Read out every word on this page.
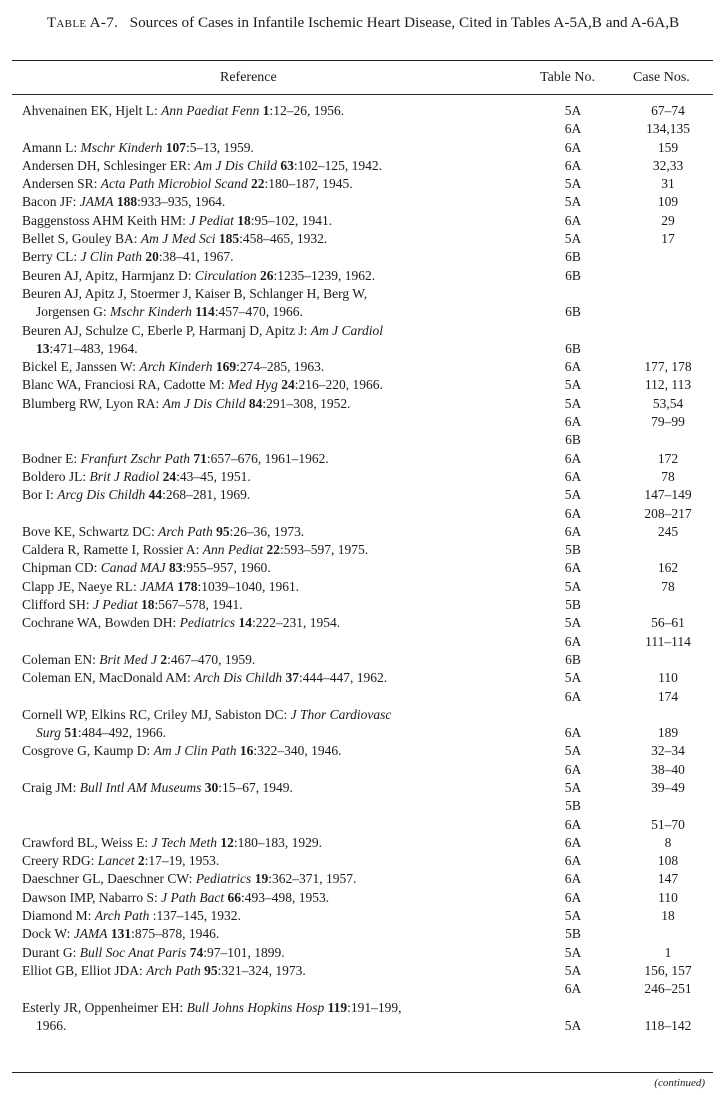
Table A-7. Sources of Cases in Infantile Ischemic Heart Disease, Cited in Tables A-5A,B and A-6A,B
Reference	Table No.	Case Nos.
Ahvenainen EK, Hjelt L: Ann Paediat Fenn 1:12–26, 1956.	5A	67–74
6A	134,135
Amann L: Mschr Kinderh 107:5–13, 1959.	6A	159
Andersen DH, Schlesinger ER: Am J Dis Child 63:102–125, 1942.	6A	32,33
Andersen SR: Acta Path Microbiol Scand 22:180–187, 1945.	5A	31
Bacon JF: JAMA 188:933–935, 1964.	5A	109
Baggenstoss AHM Keith HM: J Pediat 18:95–102, 1941.	6A	29
Bellet S, Gouley BA: Am J Med Sci 185:458–465, 1932.	5A	17
Berry CL: J Clin Path 20:38–41, 1967.	6B
Beuren AJ, Apitz, Harmjanz D: Circulation 26:1235–1239, 1962.	6B
Beuren AJ, Apitz J, Stoermer J, Kaiser B, Schlanger H, Berg W,

Jorgensen G: Mschr Kinderh 114:457–470, 1966.	6B
Beuren AJ, Schulze C, Eberle P, Harmanj D, Apitz J: Am J Cardiol

13:471–483, 1964.	6B
Bickel E, Janssen W: Arch Kinderh 169:274–285, 1963.	6A	177, 178
Blanc WA, Franciosi RA, Cadotte M: Med Hyg 24:216–220, 1966.	5A	112, 113
Blumberg RW, Lyon RA: Am J Dis Child 84:291–308, 1952.	5A	53,54
6A	79–99
6B
Bodner E: Franfurt Zschr Path 71:657–676, 1961–1962.	6A	172
Boldero JL: Brit J Radiol 24:43–45, 1951.	6A	78
Bor I: Arcg Dis Childh 44:268–281, 1969.	5A	147–149
6A	208–217
Bove KE, Schwartz DC: Arch Path 95:26–36, 1973.	6A	245
Caldera R, Ramette I, Rossier A: Ann Pediat 22:593–597, 1975.	5B
Chipman CD: Canad MAJ 83:955–957, 1960.	6A	162
Clapp JE, Naeye RL: JAMA 178:1039–1040, 1961.	5A	78
Clifford SH: J Pediat 18:567–578, 1941.	5B
Cochrane WA, Bowden DH: Pediatrics 14:222–231, 1954.	5A	56–61
6A	111–114
Coleman EN: Brit Med J 2:467–470, 1959.	6B
Coleman EN, MacDonald AM: Arch Dis Childh 37:444–447, 1962.	5A	110
6A	174
Cornell WP, Elkins RC, Criley MJ, Sabiston DC: J Thor Cardiovasc

Surg 51:484–492, 1966.	6A	189
Cosgrove G, Kaump D: Am J Clin Path 16:322–340, 1946.	5A	32–34
6A	38–40
Craig JM: Bull Intl AM Museums 30:15–67, 1949.	5A	39–49
5B
6A	51–70
Crawford BL, Weiss E: J Tech Meth 12:180–183, 1929.	6A	8
Creery RDG: Lancet 2:17–19, 1953.	6A	108
Daeschner GL, Daeschner CW: Pediatrics 19:362–371, 1957.	6A	147
Dawson IMP, Nabarro S: J Path Bact 66:493–498, 1953.	6A	110
Diamond M: Arch Path :137–145, 1932.	5A	18
Dock W: JAMA 131:875–878, 1946.	5B
Durant G: Bull Soc Anat Paris 74:97–101, 1899.	5A	1
Elliot GB, Elliot JDA: Arch Path 95:321–324, 1973.	5A	156, 157
6A	246–251
Esterly JR, Oppenheimer EH: Bull Johns Hopkins Hosp 119:191–199,

1966.	5A	118–142
(continued)
